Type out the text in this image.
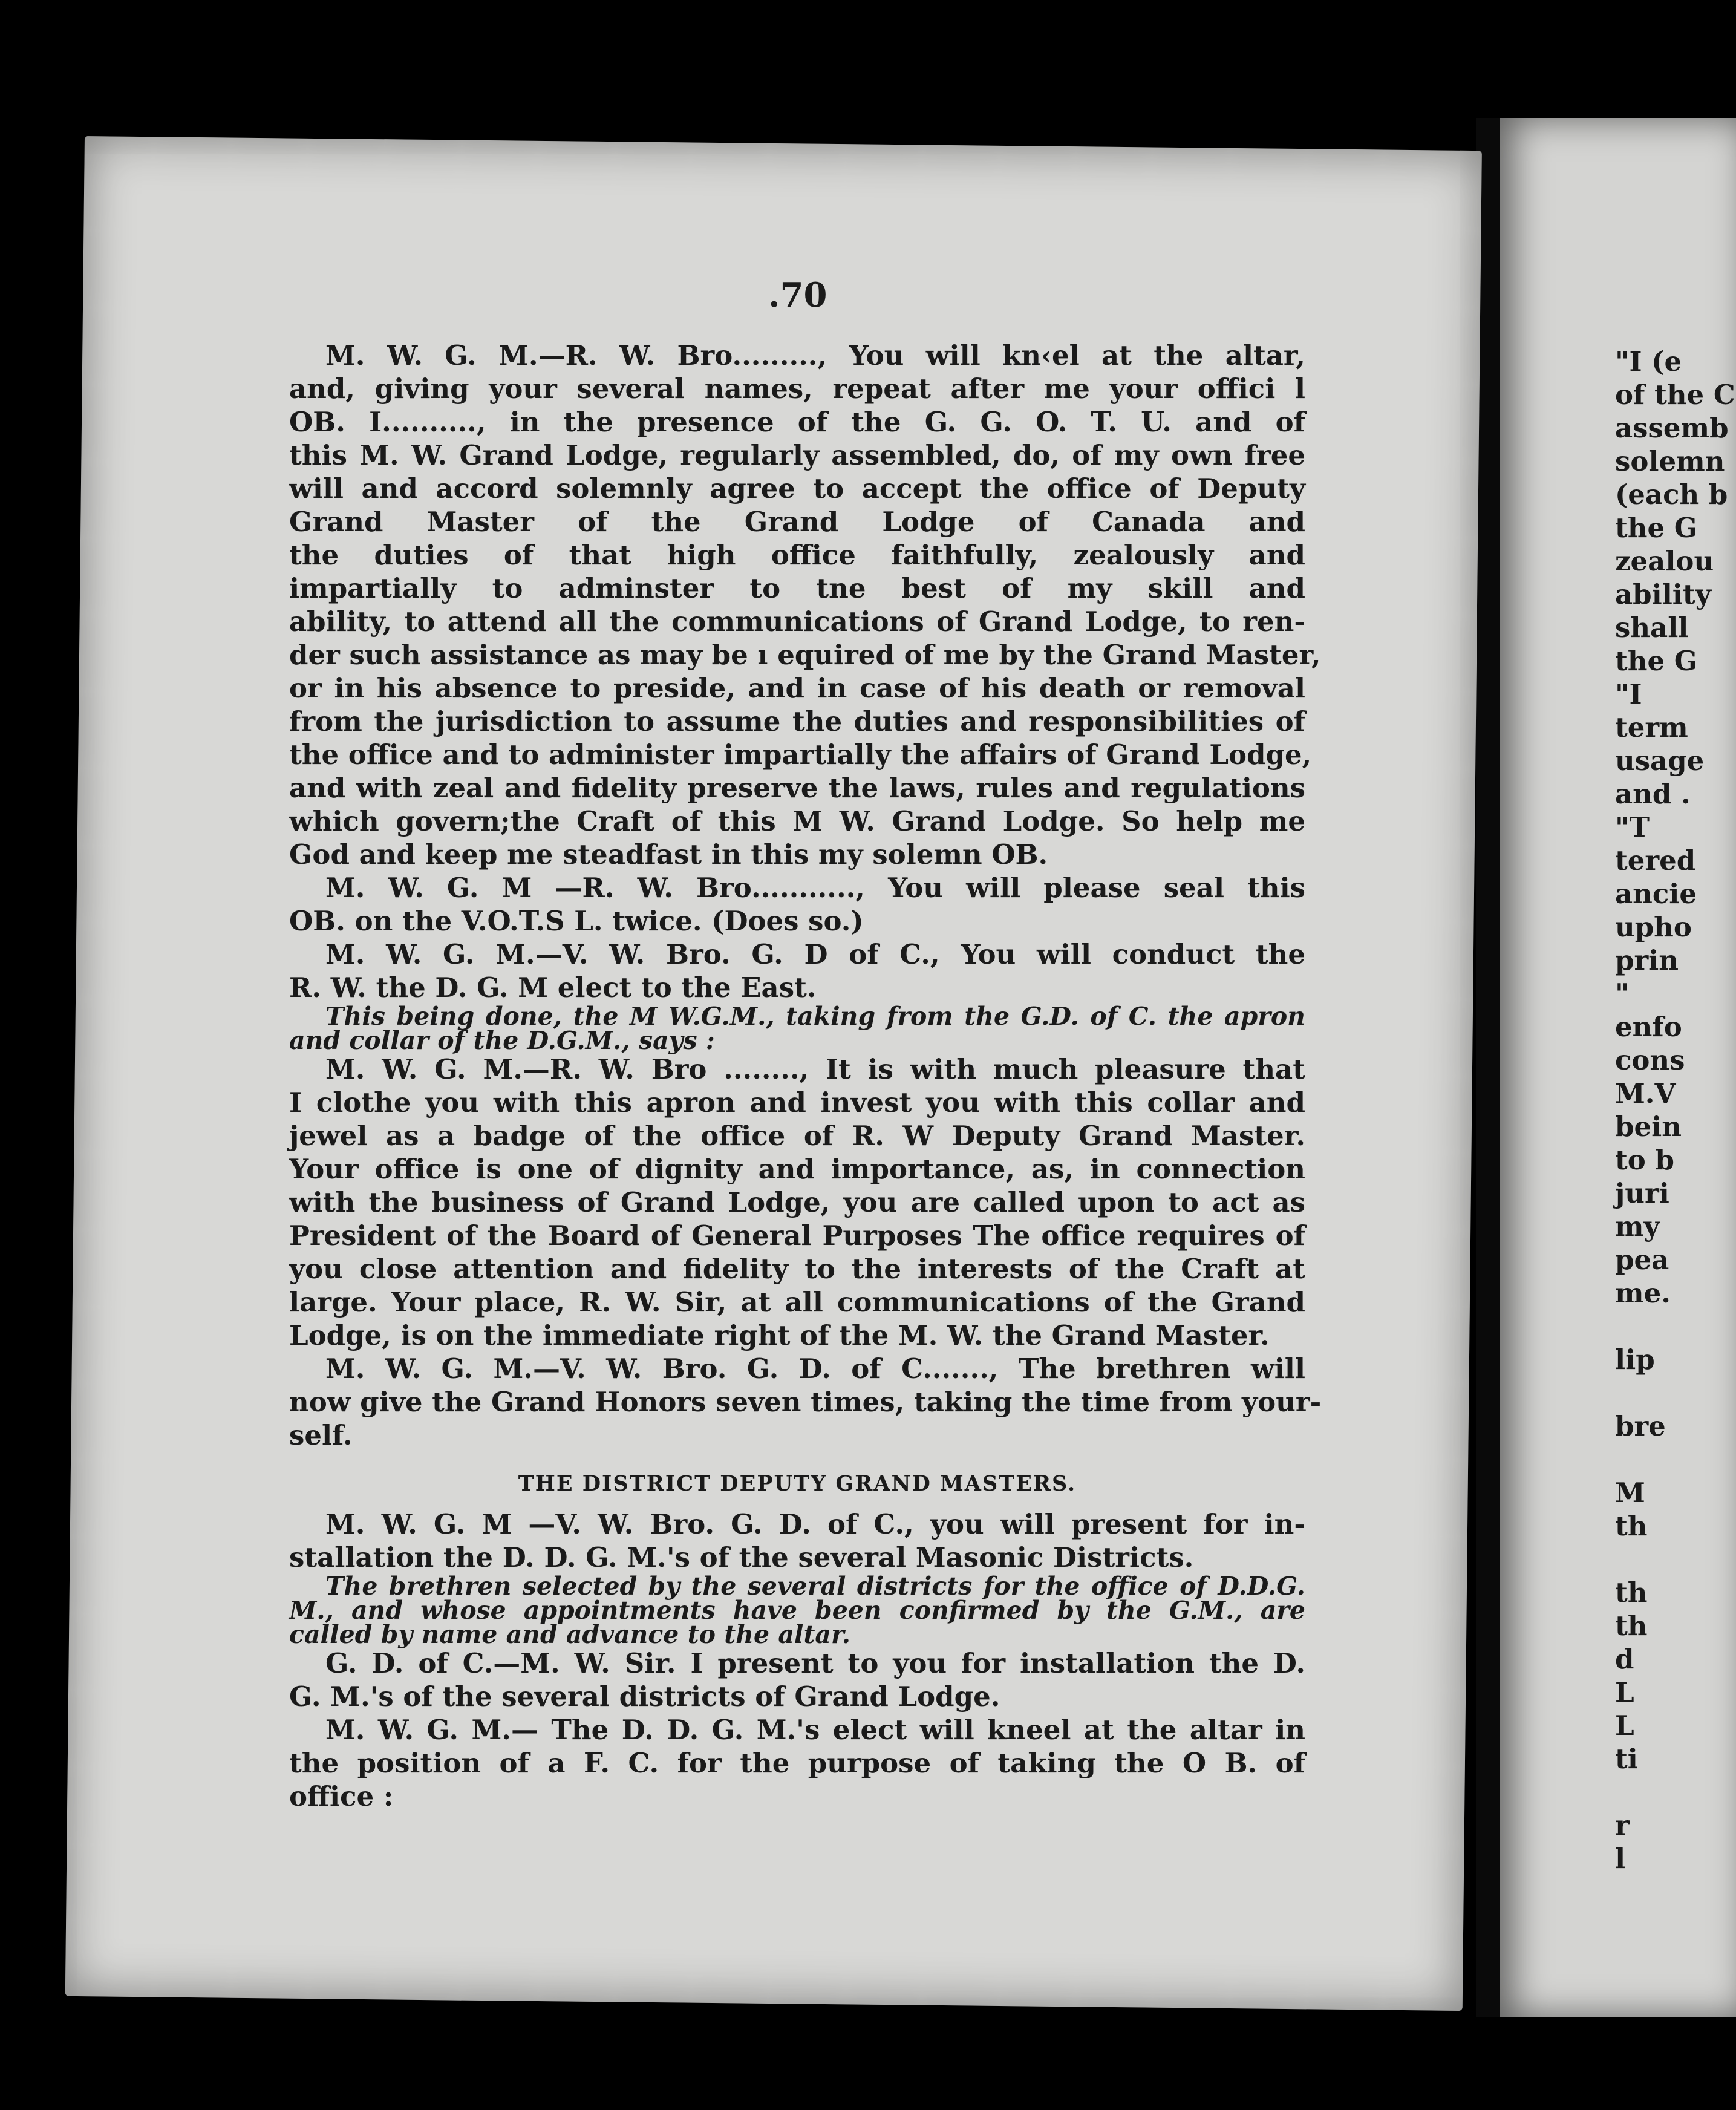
.70
M. W. G. M.—R. W. Bro........., You will kn‹el at the altar,
and, giving your several names, repeat after me your offici l
OB. I.........., in the presence of the G. G. O. T. U. and of
this M. W. Grand Lodge, regularly assembled, do, of my own free
will and accord solemnly agree to accept the office of Deputy
Grand Master of the Grand Lodge of Canada and
the duties of that high office faithfully, zealously and
impartially to adminster to tne best of my skill and
ability, to attend all the communications of Grand Lodge, to ren-
der such assistance as may be ı equired of me by the Grand Master,
or in his absence to preside, and in case of his death or removal
from the jurisdiction to assume the duties and responsibilities of
the office and to administer impartially the affairs of Grand Lodge,
and with zeal and fidelity preserve the laws, rules and regulations
which govern;the Craft of this M W. Grand Lodge. So help me
God and keep me steadfast in this my solemn OB.
M. W. G. M —R. W. Bro..........., You will please seal this
OB. on the V.O.T.S L. twice. (Does so.)
M. W. G. M.—V. W. Bro. G. D of C., You will conduct the
R. W. the D. G. M elect to the East.
This being done, the M W.G.M., taking from the G.D. of C. the apron
and collar of the D.G.M., says :
M. W. G. M.—R. W. Bro ........, It is with much pleasure that
I clothe you with this apron and invest you with this collar and
jewel as a badge of the office of R. W Deputy Grand Master.
Your office is one of dignity and importance, as, in connection
with the business of Grand Lodge, you are called upon to act as
President of the Board of General Purposes The office requires of
you close attention and fidelity to the interests of the Craft at
large. Your place, R. W. Sir, at all communications of the Grand
Lodge, is on the immediate right of the M. W. the Grand Master.
M. W. G. M.—V. W. Bro. G. D. of C......., The brethren will
now give the Grand Honors seven times, taking the time from your-
self.
THE DISTRICT DEPUTY GRAND MASTERS.
M. W. G. M —V. W. Bro. G. D. of C., you will present for in-
stallation the D. D. G. M.'s of the several Masonic Districts.
The brethren selected by the several districts for the office of D.D.G.
M., and whose appointments have been confirmed by the G.M., are
called by name and advance to the altar.
G. D. of C.—M. W. Sir. I present to you for installation the D.
G. M.'s of the several districts of Grand Lodge.
M. W. G. M.— The D. D. G. M.'s elect will kneel at the altar in
the position of a F. C. for the purpose of taking the O B. of
office :
"I (e
of the C
assemb
solemn
(each b
the G
zealou
ability
shall
the G
"I
term
usage
and .
"T
tered
ancie
upho
prin
"
enfo
cons
M.V
bein
to b
juri
my
pea
me.

lip

bre

M
th

th
th
d
L
L
ti

r
l
